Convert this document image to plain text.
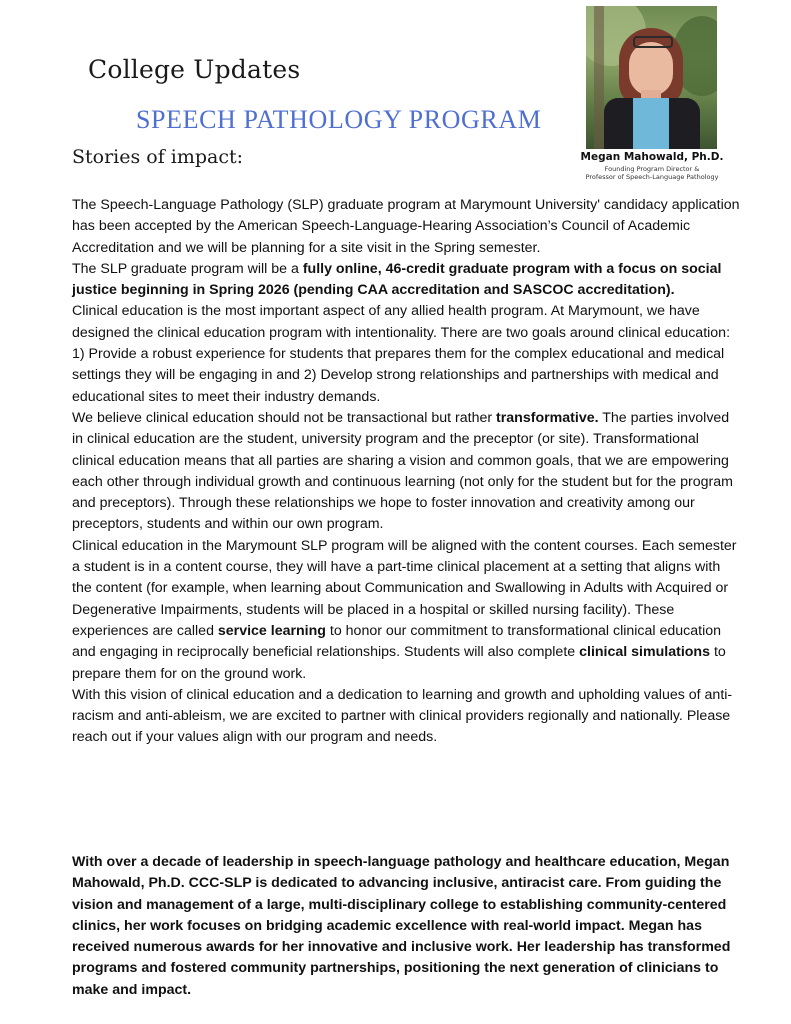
College Updates
SPEECH PATHOLOGY PROGRAM
Stories of impact:	Megan Mahowald, Ph.D.
Founding Program Director &
Professor of Speech-Language Pathology

The Speech-Language Pathology (SLP) graduate program at Marymount University' candidacy application has been accepted by the American Speech-Language-Hearing Association’s Council of Academic Accreditation and we will be planning for a site visit in the Spring semester.

The SLP graduate program will be a fully online, 46-credit graduate program with a focus on social justice beginning in Spring 2026 (pending CAA accreditation and SASCOC accreditation).

Clinical education is the most important aspect of any allied health program. At Marymount, we have designed the clinical education program with intentionality. There are two goals around clinical education: 1) Provide a robust experience for students that prepares them for the complex educational and medical settings they will be engaging in and 2) Develop strong relationships and partnerships with medical and educational sites to meet their industry demands.

We believe clinical education should not be transactional but rather transformative. The parties involved in clinical education are the student, university program and the preceptor (or site). Transformational clinical education means that all parties are sharing a vision and common goals, that we are empowering each other through individual growth and continuous learning (not only for the student but for the program and preceptors). Through these relationships we hope to foster innovation and creativity among our preceptors, students and within our own program.

Clinical education in the Marymount SLP program will be aligned with the content courses. Each semester a student is in a content course, they will have a part-time clinical placement at a setting that aligns with the content (for example, when learning about Communication and Swallowing in Adults with Acquired or Degenerative Impairments, students will be placed in a hospital or skilled nursing facility). These experiences are called service learning to honor our commitment to transformational clinical education and engaging in reciprocally beneficial relationships. Students will also complete clinical simulations to prepare them for on the ground work.

With this vision of clinical education and a dedication to learning and growth and upholding values of anti-racism and anti-ableism, we are excited to partner with clinical providers regionally and nationally. Please reach out if your values align with our program and needs.

With over a decade of leadership in speech-language pathology and healthcare education, Megan Mahowald, Ph.D. CCC-SLP is dedicated to advancing inclusive, antiracist care. From guiding the vision and management of a large, multi-disciplinary college to establishing community-centered clinics, her work focuses on bridging academic excellence with real-world impact. Megan has received numerous awards for her innovative and inclusive work. Her leadership has transformed programs and fostered community partnerships, positioning the next generation of clinicians to make and impact.
